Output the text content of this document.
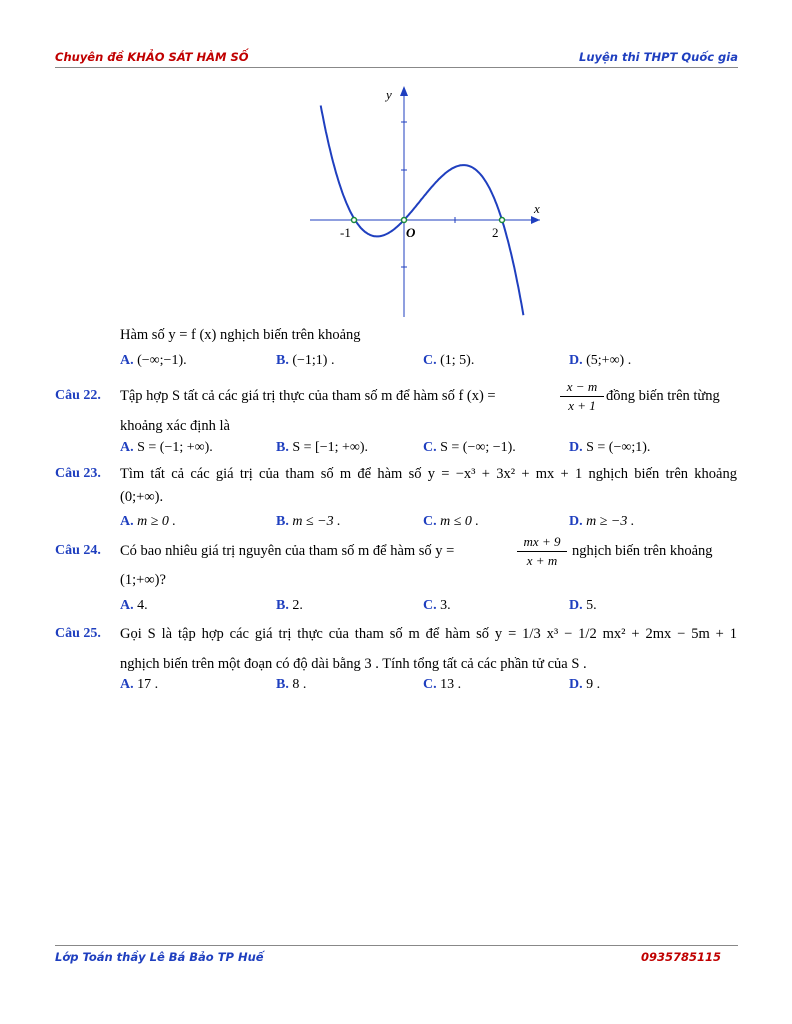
Chuyên đề KHẢO SÁT HÀM SỐ	Luyện thi THPT Quốc gia
x
y
O
-1	2
Hàm số y = f (x) nghịch biến trên khoảng
A. (−∞;−1).	B. (−1;1) .	C. (1; 5).	D. (5;+∞) .
Câu 22. Tập hợp S tất cả các giá trị thực của tham số m để hàm số f (x) =	$\frac{x - m}{x + 1}$ đồng biến trên từng
khoảng xác định là
A. S = (−1; +∞).	B. S = [−1; +∞).	C. S = (−∞; −1).	D. S = (−∞;1).
Câu 23. Tìm tất cả các giá trị của tham số m để hàm số y = −x³ + 3x² + mx + 1 nghịch biến trên khoảng
(0;+∞).
A. m ≥ 0 .	B. m ≤ −3 .	C. m ≤ 0 .	D. m ≥ −3 .
Câu 24. Có bao nhiêu giá trị nguyên của tham số m để hàm số y =	$\frac{mx + 9}{x + m}$ nghịch biến trên khoảng
(1;+∞)?
A. 4.	B. 2.	C. 3.	D. 5.
Câu 25. Gọi S là tập hợp các giá trị thực của tham số m để hàm số y = 1/3 x³ − 1/2 mx² + 2mx − 5m + 1
nghịch biến trên một đoạn có độ dài bằng 3 . Tính tổng tất cả các phần tử của S .
A. 17 .	B. 8 .	C. 13 .	D. 9 .
Lớp Toán thầy Lê Bá Bảo TP Huế	0935785115
